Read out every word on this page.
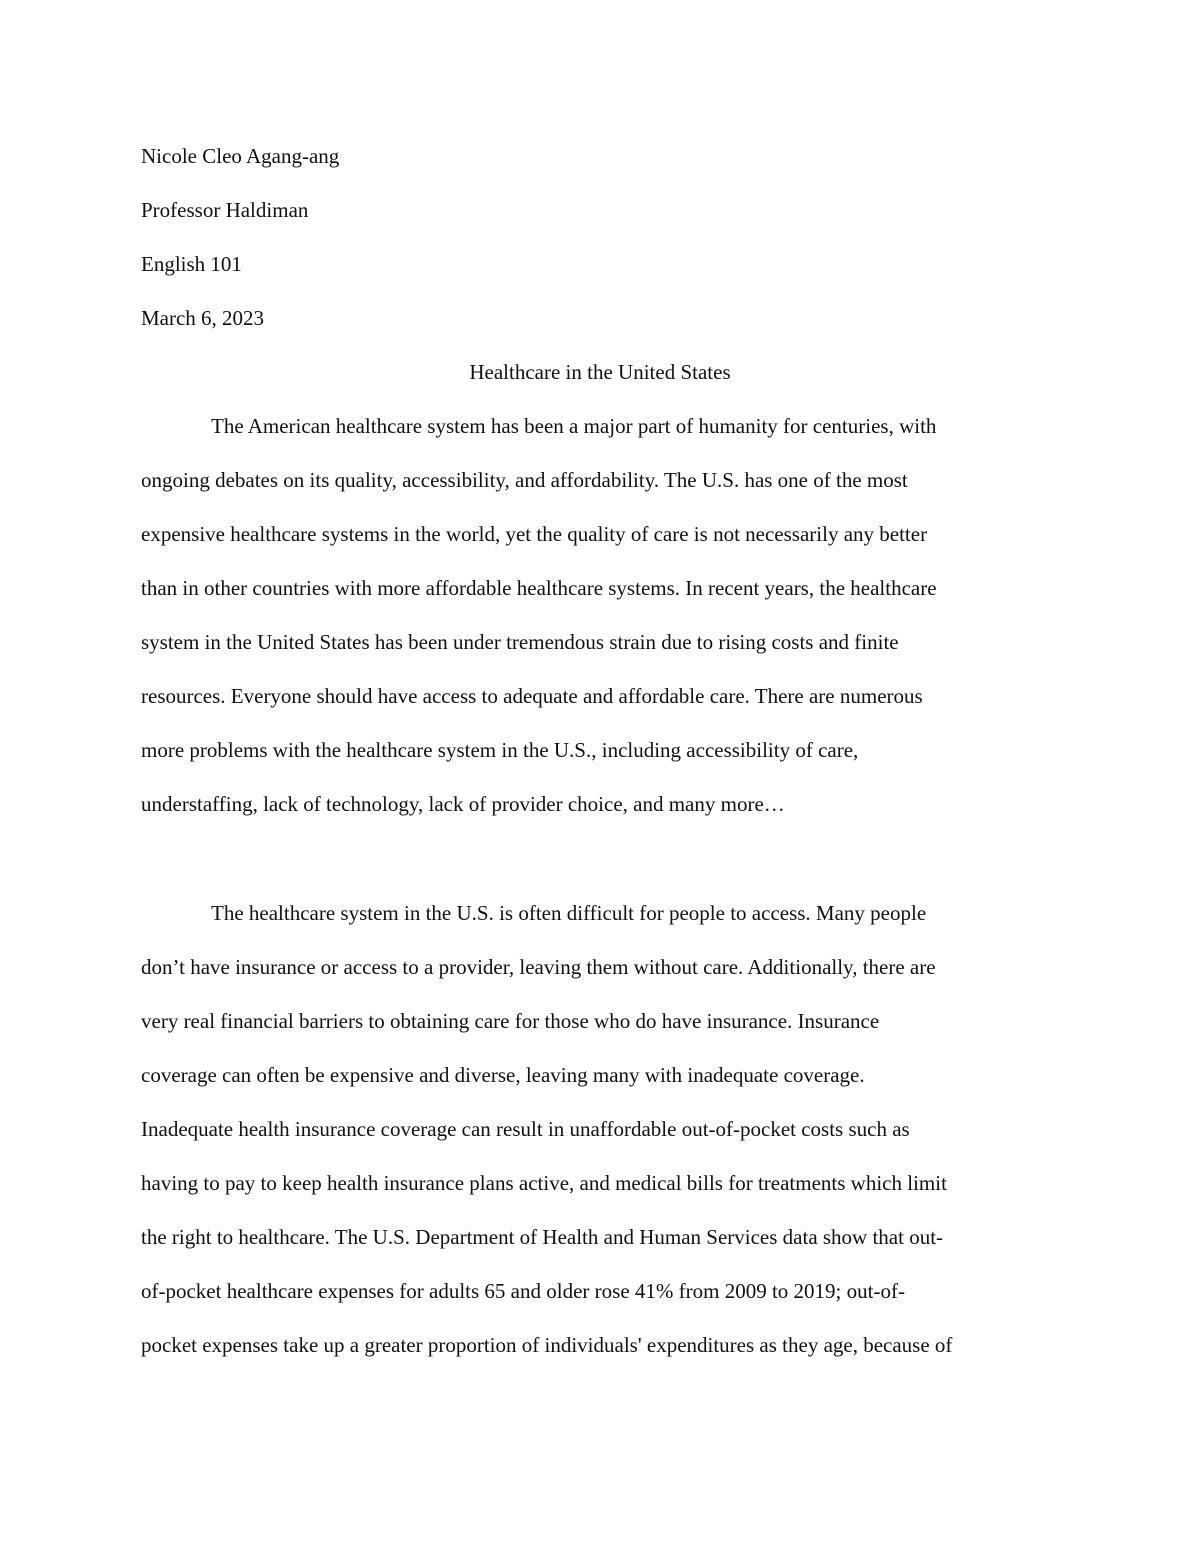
Nicole Cleo Agang-ang
Professor Haldiman
English 101
March 6, 2023
Healthcare in the United States
The American healthcare system has been a major part of humanity for centuries, with
ongoing debates on its quality, accessibility, and affordability. The U.S. has one of the most
expensive healthcare systems in the world, yet the quality of care is not necessarily any better
than in other countries with more affordable healthcare systems. In recent years, the healthcare
system in the United States has been under tremendous strain due to rising costs and finite
resources. Everyone should have access to adequate and affordable care. There are numerous
more problems with the healthcare system in the U.S., including accessibility of care,
understaffing, lack of technology, lack of provider choice, and many more…
The healthcare system in the U.S. is often difficult for people to access. Many people
don’t have insurance or access to a provider, leaving them without care. Additionally, there are
very real financial barriers to obtaining care for those who do have insurance. Insurance
coverage can often be expensive and diverse, leaving many with inadequate coverage.
Inadequate health insurance coverage can result in unaffordable out-of-pocket costs such as
having to pay to keep health insurance plans active, and medical bills for treatments which limit
the right to healthcare. The U.S. Department of Health and Human Services data show that out-
of-pocket healthcare expenses for adults 65 and older rose 41% from 2009 to 2019; out-of-
pocket expenses take up a greater proportion of individuals' expenditures as they age, because of
